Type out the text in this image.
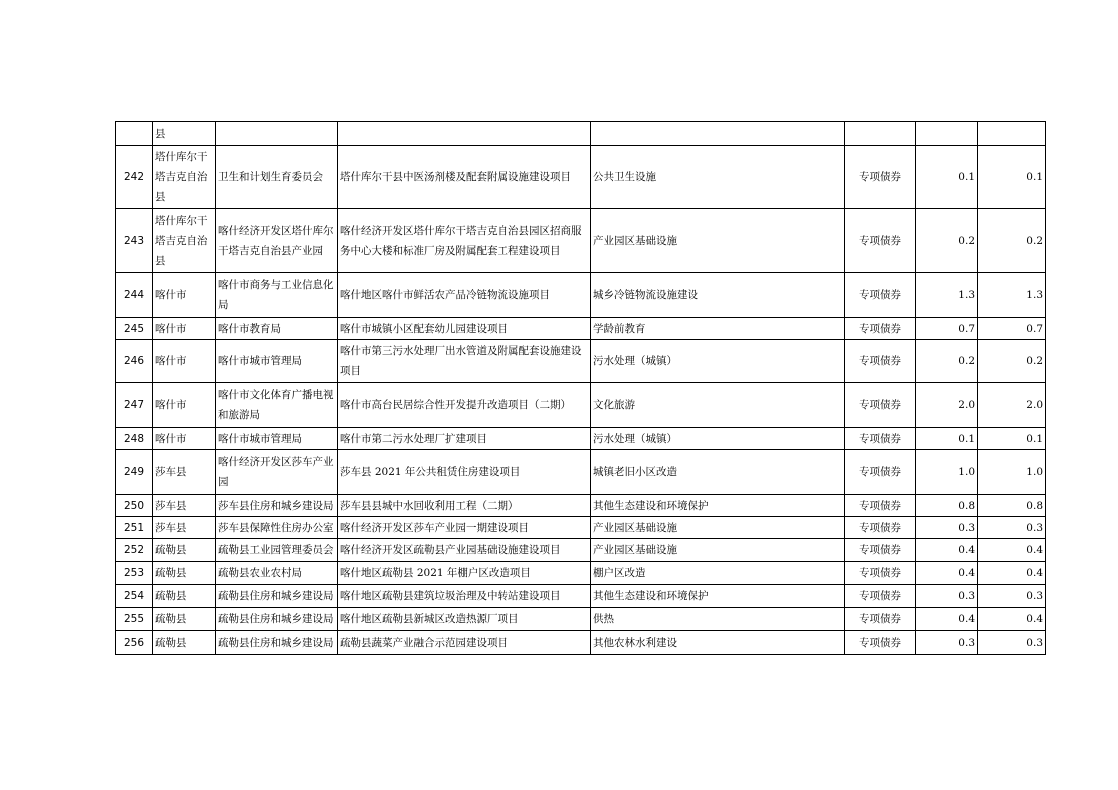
	县						
242	塔什库尔干塔吉克自治县	卫生和计划生育委员会	塔什库尔干县中医汤剂楼及配套附属设施建设项目	公共卫生设施	专项债券	0.1	0.1
243	塔什库尔干塔吉克自治县	喀什经济开发区塔什库尔干塔吉克自治县产业园	喀什经济开发区塔什库尔干塔吉克自治县园区招商服务中心大楼和标准厂房及附属配套工程建设项目	产业园区基础设施	专项债券	0.2	0.2
244	喀什市	喀什市商务与工业信息化局	喀什地区喀什市鲜活农产品冷链物流设施项目	城乡冷链物流设施建设	专项债券	1.3	1.3
245	喀什市	喀什市教育局	喀什市城镇小区配套幼儿园建设项目	学龄前教育	专项债券	0.7	0.7
246	喀什市	喀什市城市管理局	喀什市第三污水处理厂出水管道及附属配套设施建设项目	污水处理（城镇）	专项债券	0.2	0.2
247	喀什市	喀什市文化体育广播电视和旅游局	喀什市高台民居综合性开发提升改造项目（二期）	文化旅游	专项债券	2.0	2.0
248	喀什市	喀什市城市管理局	喀什市第二污水处理厂扩建项目	污水处理（城镇）	专项债券	0.1	0.1
249	莎车县	喀什经济开发区莎车产业园	莎车县 2021 年公共租赁住房建设项目	城镇老旧小区改造	专项债券	1.0	1.0
250	莎车县	莎车县住房和城乡建设局	莎车县县城中水回收利用工程（二期）	其他生态建设和环境保护	专项债券	0.8	0.8
251	莎车县	莎车县保障性住房办公室	喀什经济开发区莎车产业园一期建设项目	产业园区基础设施	专项债券	0.3	0.3
252	疏勒县	疏勒县工业园管理委员会	喀什经济开发区疏勒县产业园基础设施建设项目	产业园区基础设施	专项债券	0.4	0.4
253	疏勒县	疏勒县农业农村局	喀什地区疏勒县 2021 年棚户区改造项目	棚户区改造	专项债券	0.4	0.4
254	疏勒县	疏勒县住房和城乡建设局	喀什地区疏勒县建筑垃圾治理及中转站建设项目	其他生态建设和环境保护	专项债券	0.3	0.3
255	疏勒县	疏勒县住房和城乡建设局	喀什地区疏勒县新城区改造热源厂项目	供热	专项债券	0.4	0.4
256	疏勒县	疏勒县住房和城乡建设局	疏勒县蔬菜产业融合示范园建设项目	其他农林水利建设	专项债券	0.3	0.3
